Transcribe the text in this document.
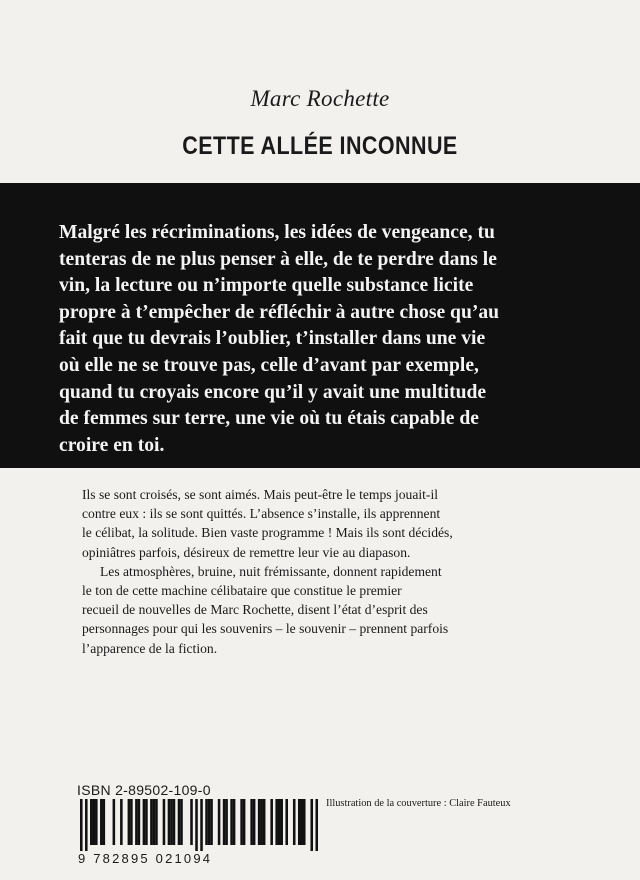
Marc Rochette
CETTE ALLÉE INCONNUE
Malgré les récriminations, les idées de vengeance, tu
tenteras de ne plus penser à elle, de te perdre dans le
vin, la lecture ou n’importe quelle substance licite
propre à t’empêcher de réfléchir à autre chose qu’au
fait que tu devrais l’oublier, t’installer dans une vie
où elle ne se trouve pas, celle d’avant par exemple,
quand tu croyais encore qu’il y avait une multitude
de femmes sur terre, une vie où tu étais capable de
croire en toi.
Ils se sont croisés, se sont aimés. Mais peut-être le temps jouait-il
contre eux : ils se sont quittés. L’absence s’installe, ils apprennent
le célibat, la solitude. Bien vaste programme ! Mais ils sont décidés,
opiniâtres parfois, désireux de remettre leur vie au diapason.
Les atmosphères, bruine, nuit frémissante, donnent rapidement
le ton de cette machine célibataire que constitue le premier
recueil de nouvelles de Marc Rochette, disent l’état d’esprit des
personnages pour qui les souvenirs – le souvenir – prennent parfois
l’apparence de la fiction.
ISBN 2-89502-109-0
Illustration de la couverture : Claire Fauteux
9 782895 021094
